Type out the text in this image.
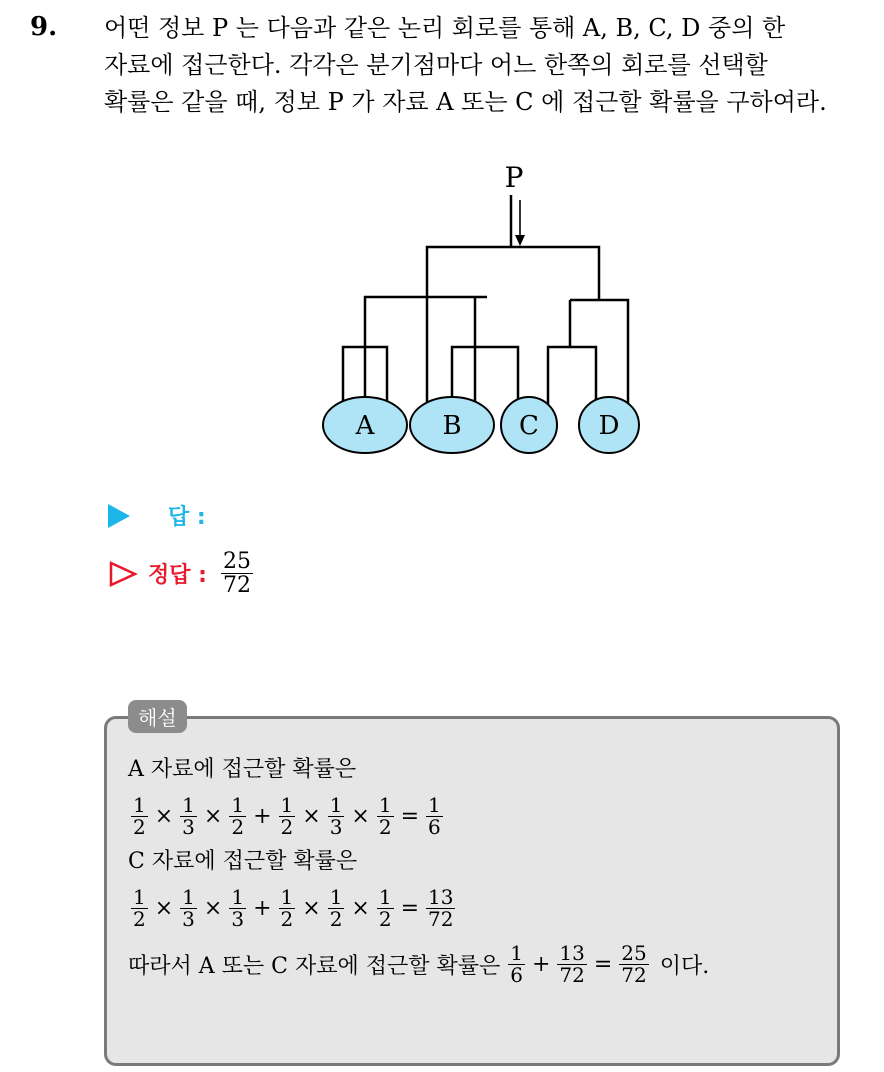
9. 어떤 정보 P 는 다음과 같은 논리 회로를 통해 A, B, C, D 중의 한
자료에 접근한다. 각각은 분기점마다 어느 한쪽의 회로를 선택할
확률은 같을 때, 정보 P 가 자료 A 또는 C 에 접근할 확률을 구하여라.
P
A	B C D
답 :
정답 : $\frac{25}{72}$
해설
A 자료에 접근할 확률은
$\frac{1}{2} \times \frac{1}{3} \times \frac{1}{2} + \frac{1}{2} \times \frac{1}{3} \times \frac{1}{2} = \frac{1}{6}$
C 자료에 접근할 확률은
$\frac{1}{2} \times \frac{1}{3} \times \frac{1}{3} + \frac{1}{2} \times \frac{1}{2} \times \frac{1}{2} = \frac{13}{72}$
따라서 A 또는 C 자료에 접근할 확률은 $\frac{1}{6} + \frac{13}{72} = \frac{25}{72}$ 이다.
